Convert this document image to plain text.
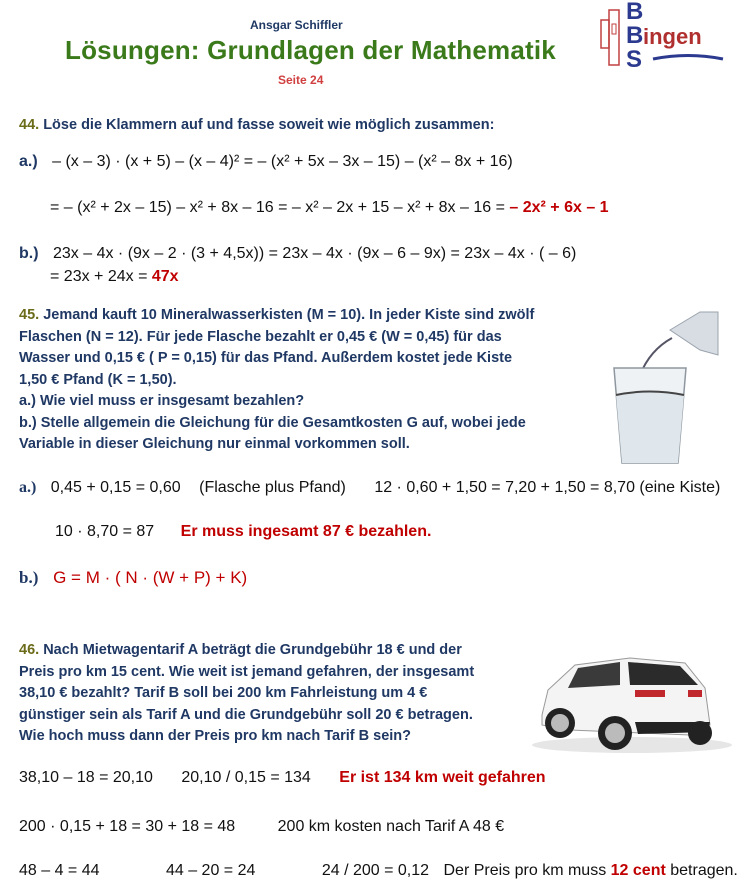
Ansgar Schiffler
Lösungen: Grundlagen der Mathematik
Seite 24
B
B ingen
S
44. Löse die Klammern auf und fasse soweit wie möglich zusammen:
a.) – (x – 3) · (x + 5) – (x – 4)² = – (x² + 5x – 3x – 15) – (x² – 8x + 16)
= – (x² + 2x – 15) – x² + 8x – 16 = – x² – 2x + 15 – x² + 8x – 16 = – 2x² + 6x – 1
b.) 23x – 4x · (9x – 2 · (3 + 4,5x)) = 23x – 4x · (9x – 6 – 9x) = 23x – 4x · ( – 6)
= 23x + 24x = 47x
45. Jemand kauft 10 Mineralwasserkisten (M = 10). In jeder Kiste sind zwölf
Flaschen (N = 12). Für jede Flasche bezahlt er 0,45 € (W = 0,45) für das
Wasser und 0,15 € ( P = 0,15) für das Pfand. Außerdem kostet jede Kiste
1,50 € Pfand (K = 1,50).
a.) Wie viel muss er insgesamt bezahlen?
b.) Stelle allgemein die Gleichung für die Gesamtkosten G auf, wobei jede
Variable in dieser Gleichung nur einmal vorkommen soll.
a.) 0,45 + 0,15 = 0,60 (Flasche plus Pfand) 12 · 0,60 + 1,50 = 7,20 + 1,50 = 8,70 (eine Kiste)
10 · 8,70 = 87 Er muss ingesamt 87 € bezahlen.
b.) G = M · ( N · (W + P) + K)
46. Nach Mietwagentarif A beträgt die Grundgebühr 18 € und der
Preis pro km 15 cent. Wie weit ist jemand gefahren, der insgesamt
38,10 € bezahlt? Tarif B soll bei 200 km Fahrleistung um 4 €
günstiger sein als Tarif A und die Grundgebühr soll 20 € betragen.
Wie hoch muss dann der Preis pro km nach Tarif B sein?
38,10 – 18 = 20,10 20,10 / 0,15 = 134 Er ist 134 km weit gefahren
200 · 0,15 + 18 = 30 + 18 = 48	200 km kosten nach Tarif A 48 €
48 – 4 = 44	44 – 20 = 24	24 / 200 = 0,12 Der Preis pro km muss 12 cent betragen.
